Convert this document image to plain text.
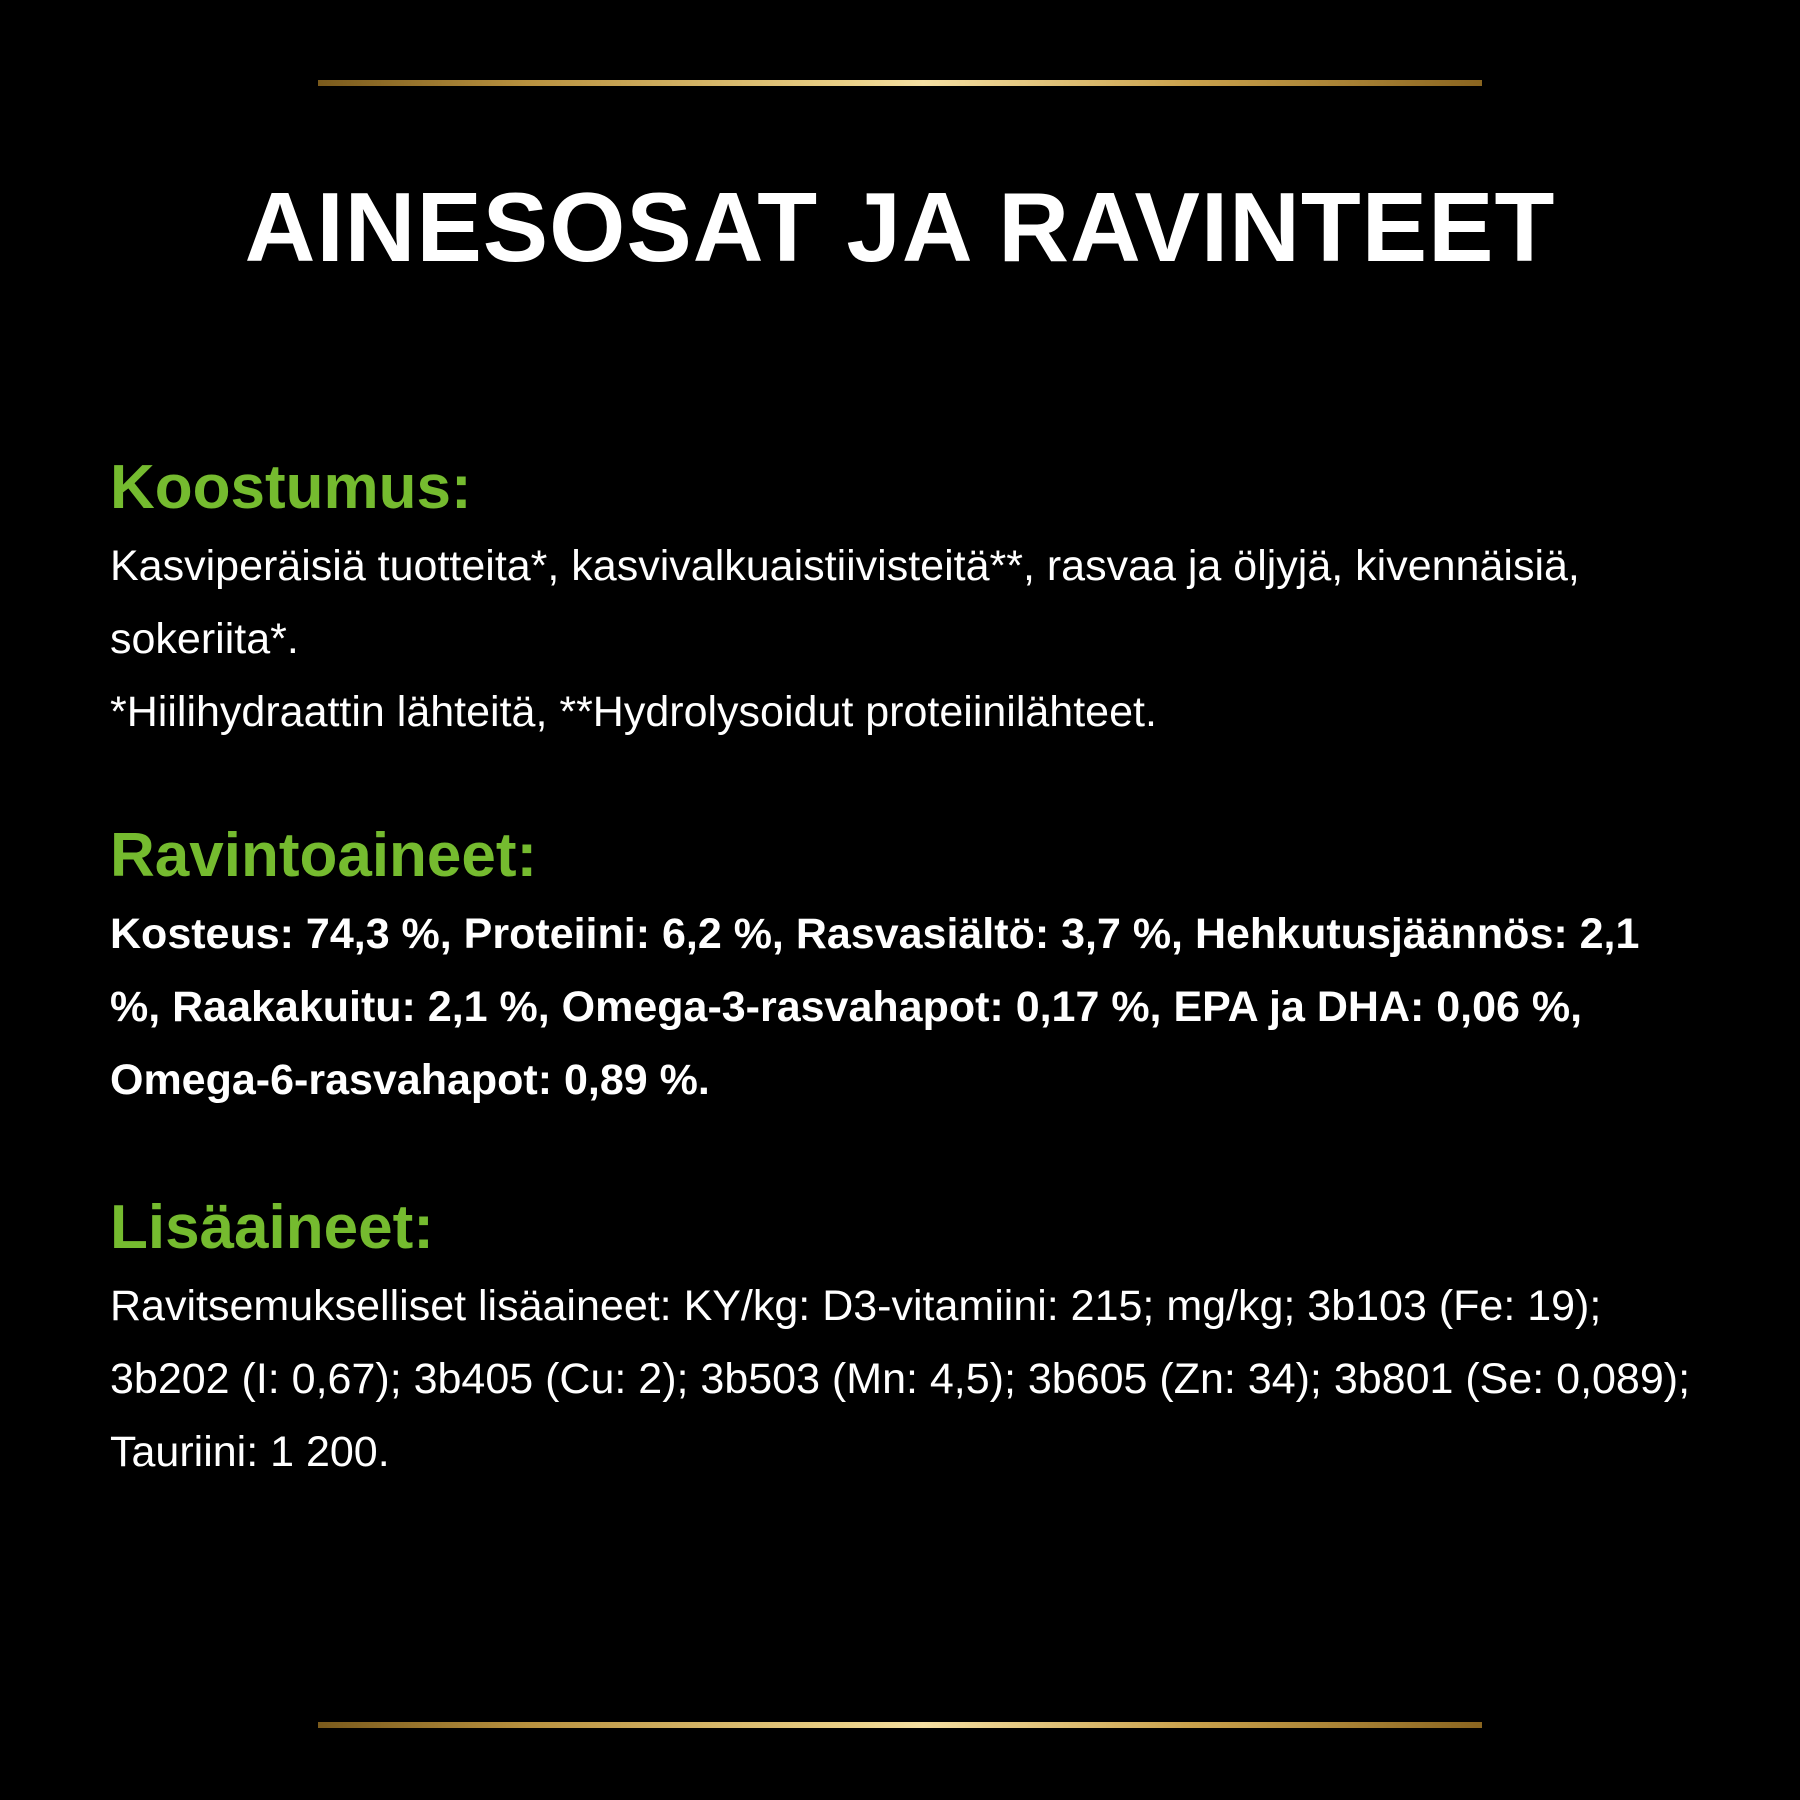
AINESOSAT JA RAVINTEET
Koostumus:

Kasviperäisiä tuotteita*, kasvivalkuaistiivisteitä**, rasvaa ja öljyjä, kivennäisiä, sokeriita*.

*Hiilihydraattin lähteitä, **Hydrolysoidut proteiinilähteet.

Ravintoaineet:

Kosteus: 74,3 %, Proteiini: 6,2 %, Rasvasiältö: 3,7 %, Hehkutusjäännös: 2,1 %, Raakakuitu: 2,1 %, Omega-3-rasvahapot: 0,17 %, EPA ja DHA: 0,06 %, Omega-6-rasvahapot: 0,89 %.

Lisäaineet:

Ravitsemukselliset lisäaineet: KY/kg: D3-vitamiini: 215; mg/kg; 3b103 (Fe: 19); 3b202 (I: 0,67); 3b405 (Cu: 2); 3b503 (Mn: 4,5); 3b605 (Zn: 34); 3b801 (Se: 0,089); Tauriini: 1 200.
